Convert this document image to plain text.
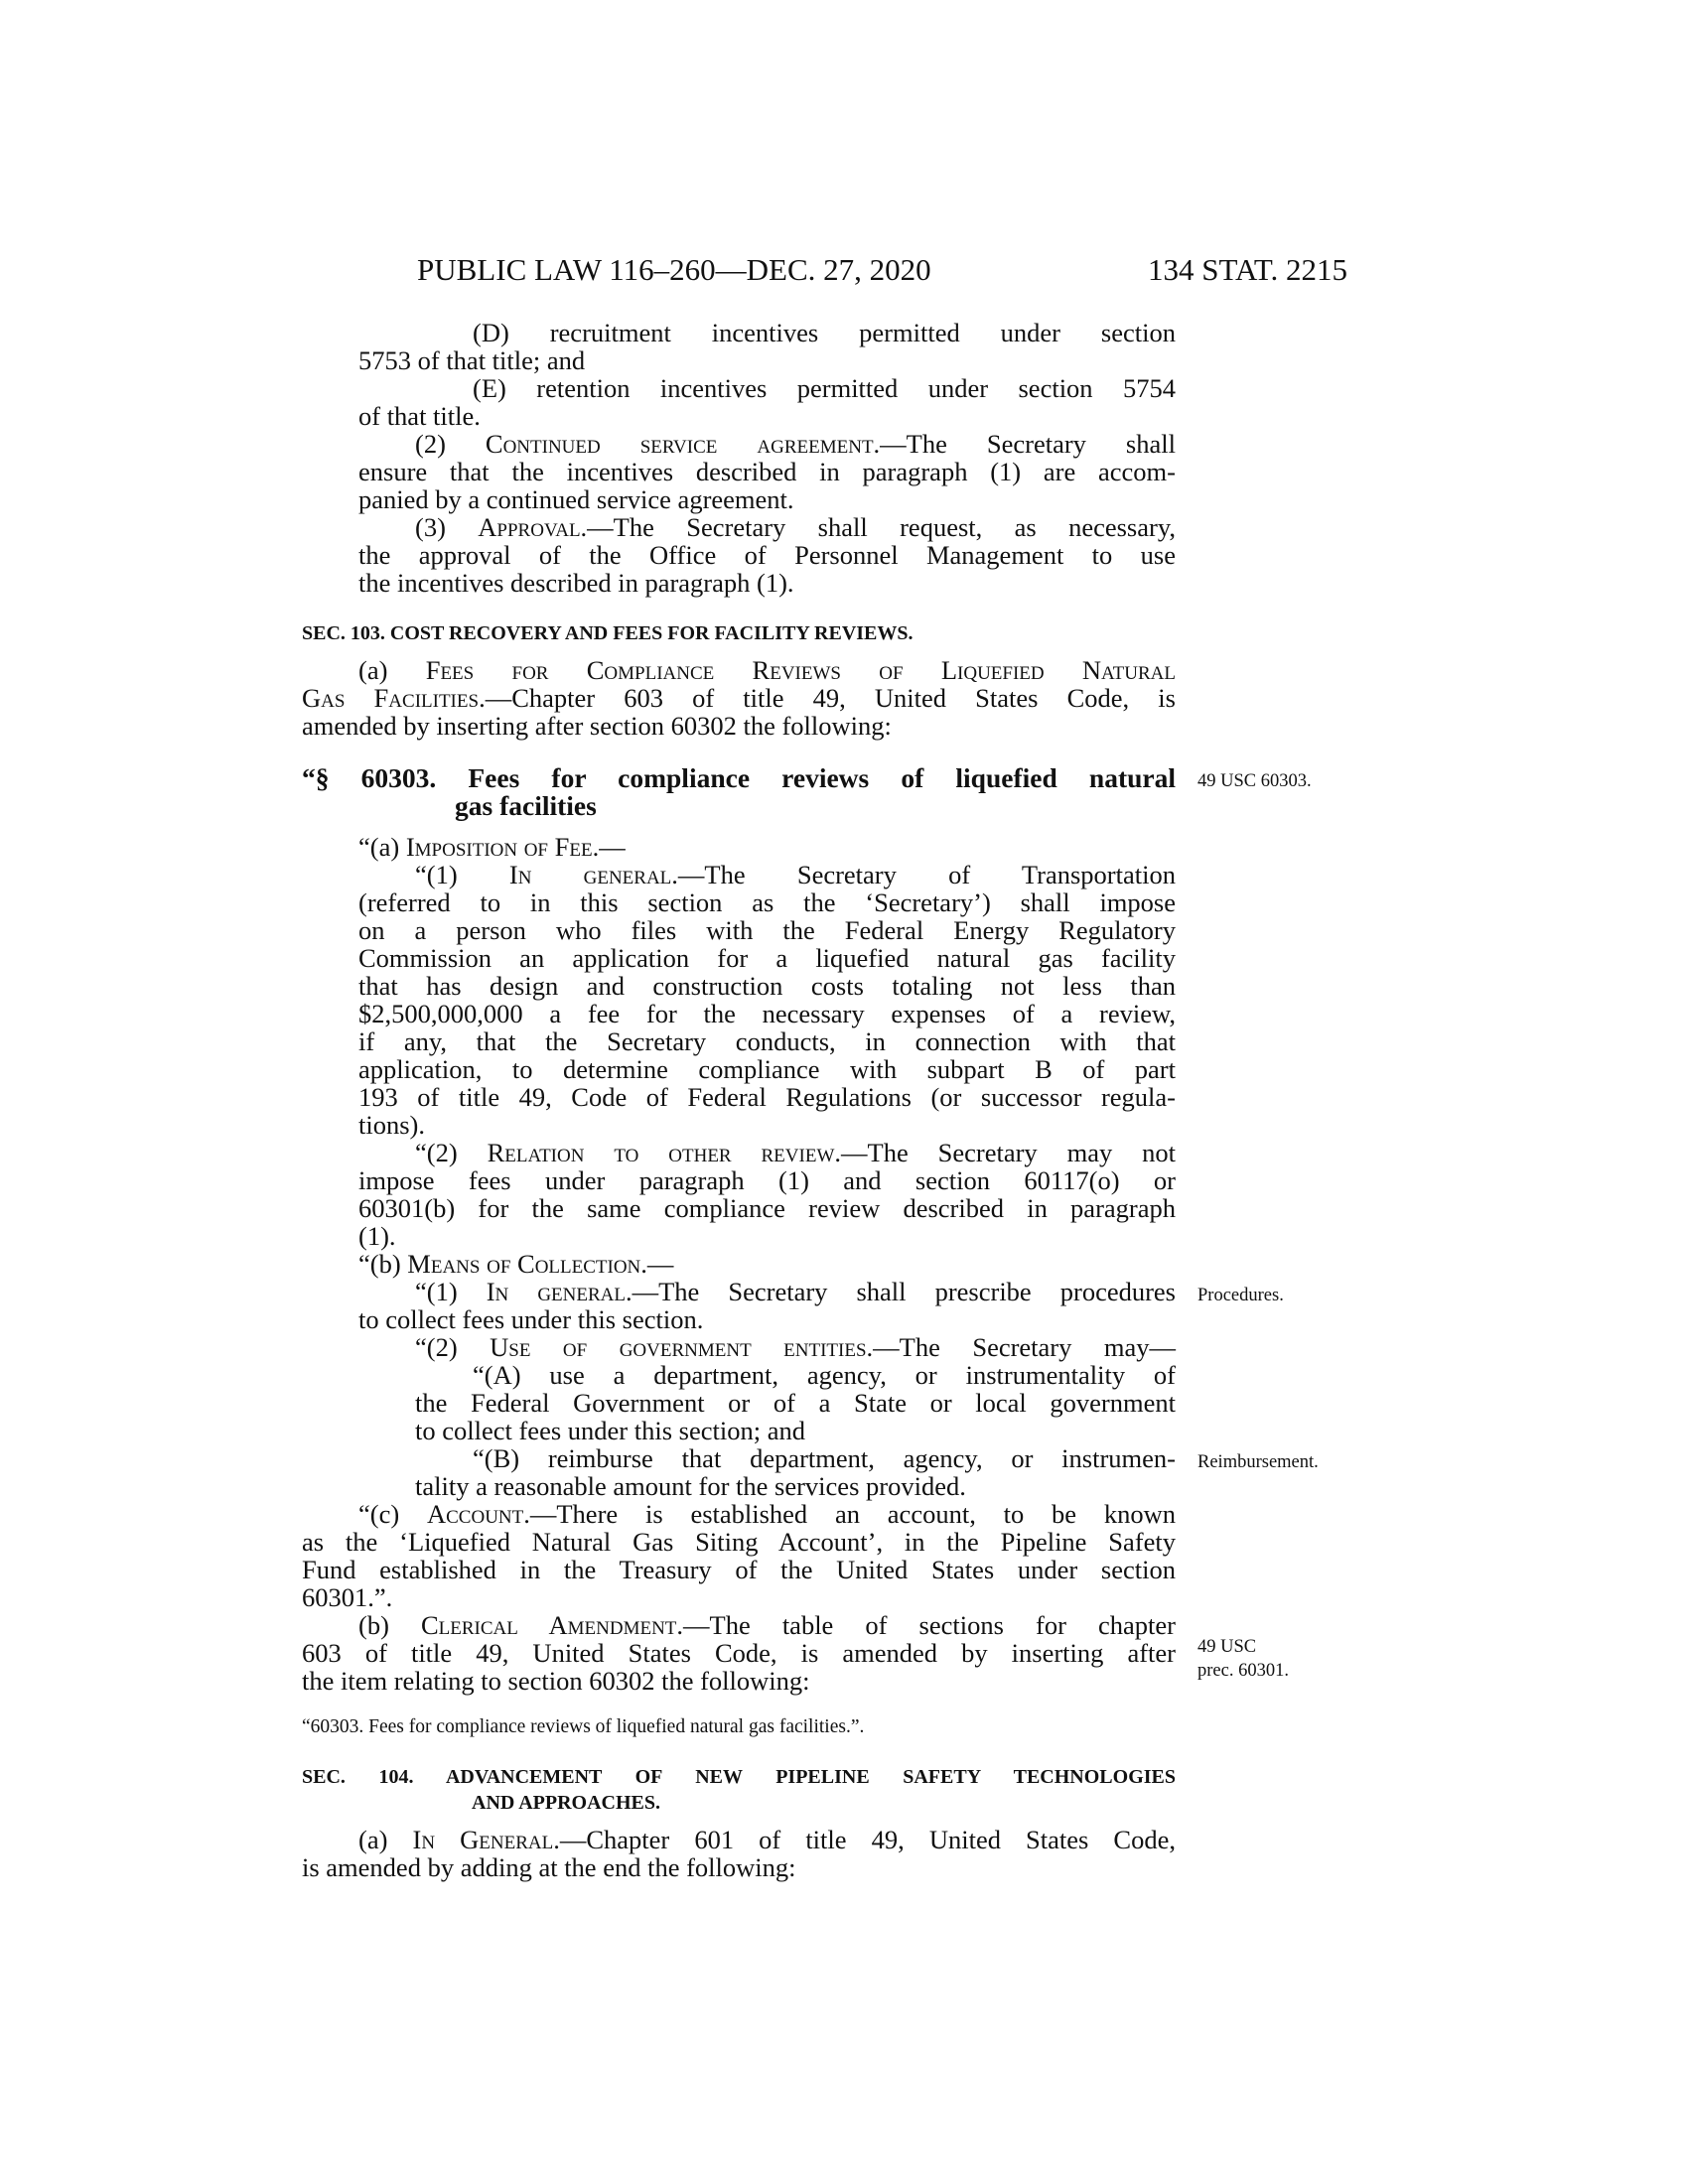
PUBLIC LAW 116–260—DEC. 27, 2020	134 STAT. 2215
(D) recruitment incentives permitted under section
5753 of that title; and
(E) retention incentives permitted under section 5754
of that title.
(2) Continued service agreement.—The Secretary shall
ensure that the incentives described in paragraph (1) are accom-
panied by a continued service agreement.
(3) Approval.—The Secretary shall request, as necessary,
the approval of the Office of Personnel Management to use
the incentives described in paragraph (1).
SEC. 103. COST RECOVERY AND FEES FOR FACILITY REVIEWS.
(a) Fees for Compliance Reviews of Liquefied Natural
Gas Facilities.—Chapter 603 of title 49, United States Code, is
amended by inserting after section 60302 the following:
“§ 60303. Fees for compliance reviews of liquefied natural
gas facilities
49 USC 60303.
“(a) Imposition of Fee.—
“(1) In general.—The Secretary of Transportation
(referred to in this section as the ‘Secretary’) shall impose
on a person who files with the Federal Energy Regulatory
Commission an application for a liquefied natural gas facility
that has design and construction costs totaling not less than
$2,500,000,000 a fee for the necessary expenses of a review,
if any, that the Secretary conducts, in connection with that
application, to determine compliance with subpart B of part
193 of title 49, Code of Federal Regulations (or successor regula-
tions).
“(2) Relation to other review.—The Secretary may not
impose fees under paragraph (1) and section 60117(o) or
60301(b) for the same compliance review described in paragraph
(1).
“(b) Means of Collection.—
“(1) In general.—The Secretary shall prescribe procedures
to collect fees under this section.
Procedures.
“(2) Use of government entities.—The Secretary may—
“(A) use a department, agency, or instrumentality of
the Federal Government or of a State or local government
to collect fees under this section; and
“(B) reimburse that department, agency, or instrumen-
tality a reasonable amount for the services provided.
Reimbursement.
“(c) Account.—There is established an account, to be known
as the ‘Liquefied Natural Gas Siting Account’, in the Pipeline Safety
Fund established in the Treasury of the United States under section
60301.”.
(b) Clerical Amendment.—The table of sections for chapter
603 of title 49, United States Code, is amended by inserting after
the item relating to section 60302 the following:
49 USC
prec. 60301.
“60303. Fees for compliance reviews of liquefied natural gas facilities.”.
SEC. 104. ADVANCEMENT OF NEW PIPELINE SAFETY TECHNOLOGIES
AND APPROACHES.
(a) In General.—Chapter 601 of title 49, United States Code,
is amended by adding at the end the following:
